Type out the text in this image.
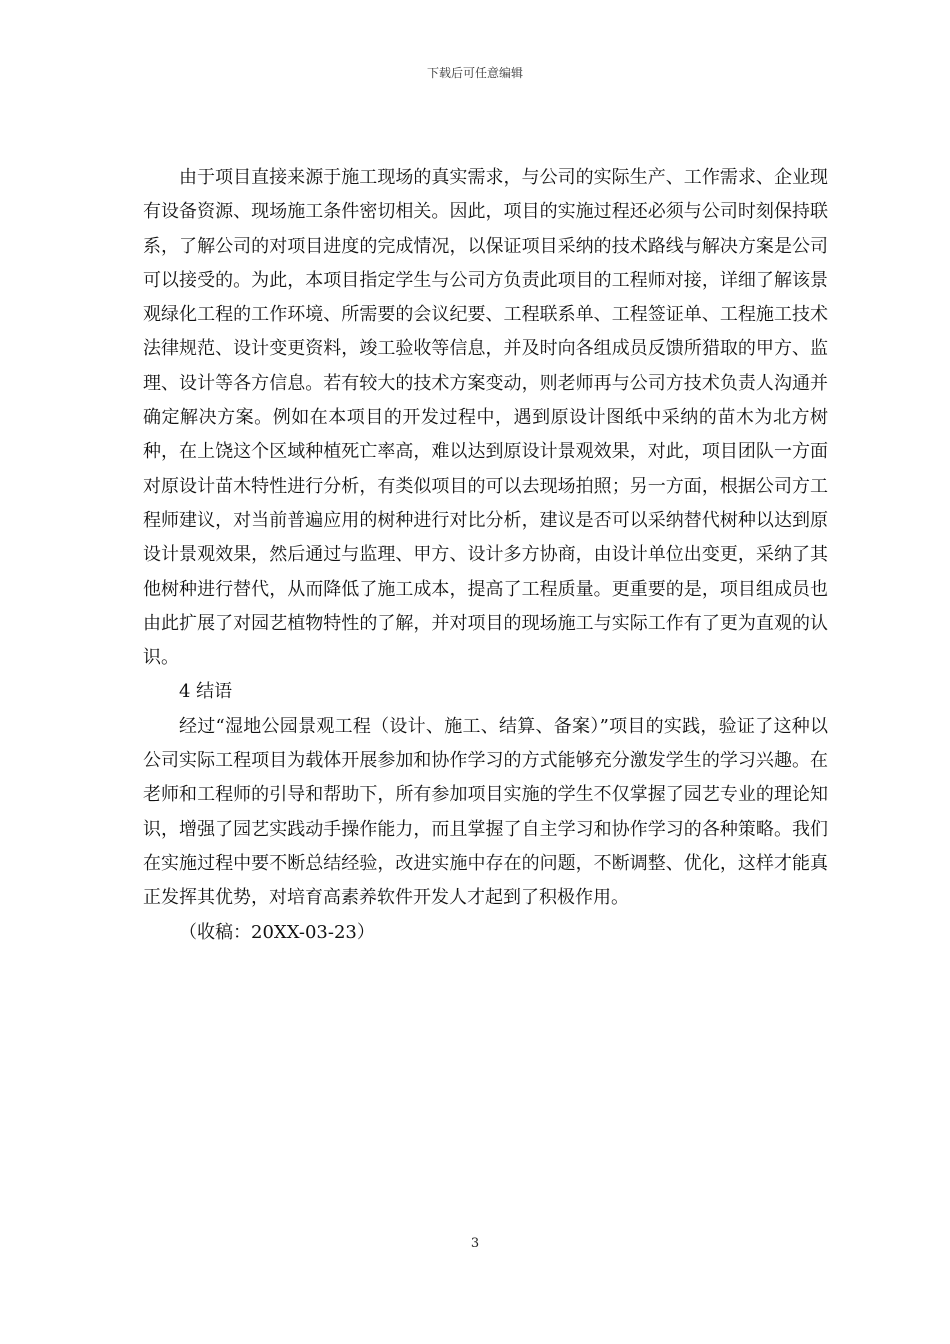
下载后可任意编辑

由于项目直接来源于施工现场的真实需求，与公司的实际生产、工作需求、企业现有设备资源、现场施工条件密切相关。因此，项目的实施过程还必须与公司时刻保持联系，了解公司的对项目进度的完成情况，以保证项目采纳的技术路线与解决方案是公司可以接受的。为此，本项目指定学生与公司方负责此项目的工程师对接，详细了解该景观绿化工程的工作环境、所需要的会议纪要、工程联系单、工程签证单、工程施工技术法律规范、设计变更资料，竣工验收等信息，并及时向各组成员反馈所猎取的甲方、监理、设计等各方信息。若有较大的技术方案变动，则老师再与公司方技术负责人沟通并确定解决方案。例如在本项目的开发过程中，遇到原设计图纸中采纳的苗木为北方树种，在上饶这个区域种植死亡率高，难以达到原设计景观效果，对此，项目团队一方面对原设计苗木特性进行分析，有类似项目的可以去现场拍照；另一方面，根据公司方工程师建议，对当前普遍应用的树种进行对比分析，建议是否可以采纳替代树种以达到原设计景观效果，然后通过与监理、甲方、设计多方协商，由设计单位出变更，采纳了其他树种进行替代，从而降低了施工成本，提高了工程质量。更重要的是，项目组成员也由此扩展了对园艺植物特性的了解，并对项目的现场施工与实际工作有了更为直观的认识。

4 结语

经过“湿地公园景观工程（设计、施工、结算、备案）”项目的实践，验证了这种以公司实际工程项目为载体开展参加和协作学习的方式能够充分激发学生的学习兴趣。在老师和工程师的引导和帮助下，所有参加项目实施的学生不仅掌握了园艺专业的理论知识，增强了园艺实践动手操作能力，而且掌握了自主学习和协作学习的各种策略。我们在实施过程中要不断总结经验，改进实施中存在的问题，不断调整、优化，这样才能真正发挥其优势，对培育高素养软件开发人才起到了积极作用。

（收稿：20XX-03-23）

3
